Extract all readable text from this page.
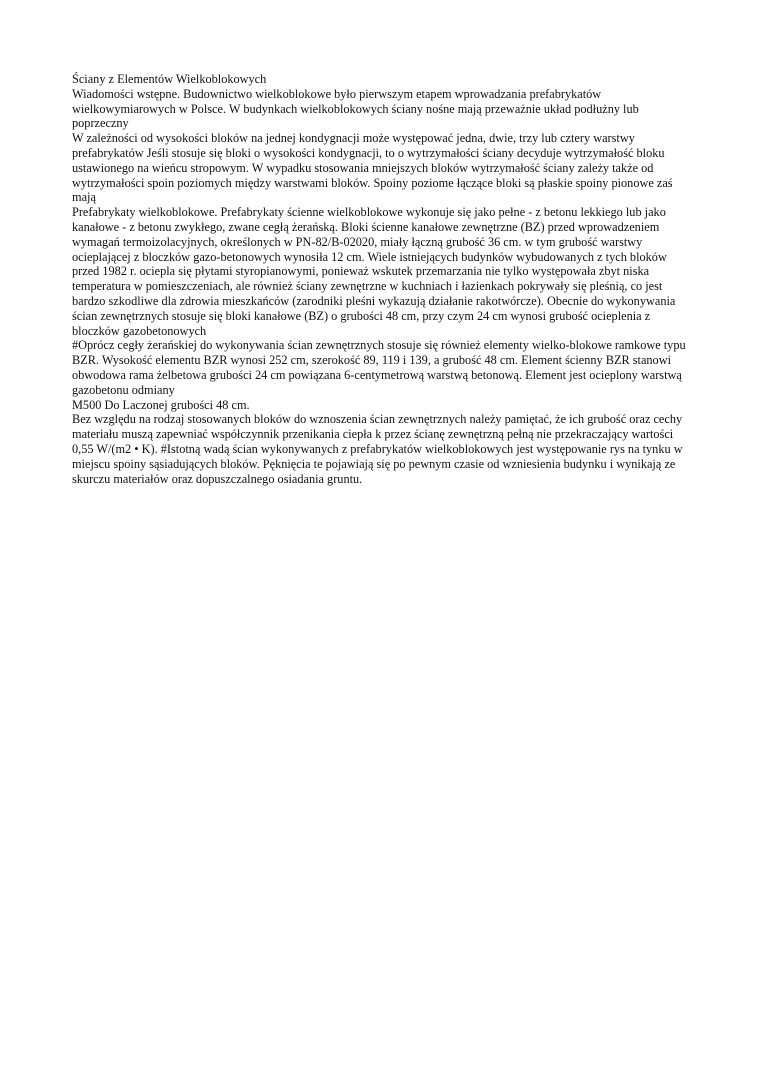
Ściany z Elementów Wielkoblokowych

Wiadomości wstępne. Budownictwo wielkoblokowe było pierwszym etapem wprowadzania prefabrykatów wielkowymiarowych w Polsce. W budynkach wielkoblokowych ściany nośne mają przeważnie układ podłużny lub poprzeczny

W zależności od wysokości bloków na jednej kondygnacji może występować jedna, dwie, trzy lub cztery warstwy prefabrykatów Jeśli stosuje się bloki o wysokości kondygnacji, to o wytrzymałości ściany decyduje wytrzymałość bloku ustawionego na wieńcu stropowym. W wypadku stosowania mniejszych bloków wytrzymałość ściany zależy także od wytrzymałości spoin poziomych między warstwami bloków. Spoiny poziome łączące bloki są płaskie spoiny pionowe zaś mają

Prefabrykaty wielkoblokowe. Prefabrykaty ścienne wielkoblokowe wykonuje się jako pełne - z betonu lekkiego lub jako kanałowe - z betonu zwykłego, zwane cegłą żerańską. Bloki ścienne kanałowe zewnętrzne (BZ) przed wprowadzeniem wymagań termoizolacyjnych, określonych w PN-82/B-02020, miały łączną grubość 36 cm. w tym grubość warstwy ocieplającej z bloczków gazo-betonowych wynosiła 12 cm. Wiele istniejących budynków wybudowanych z tych bloków przed 1982 r. ociepla się płytami styropianowymi, ponieważ wskutek przemarzania nie tylko występowała zbyt niska temperatura w pomieszczeniach, ale również ściany zewnętrzne w kuchniach i łazienkach pokrywały się pleśnią, co jest bardzo szkodliwe dla zdrowia mieszkańców (zarodniki pleśni wykazują działanie rakotwórcze). Obecnie do wykonywania ścian zewnętrznych stosuje się bloki kanałowe (BZ) o grubości 48 cm, przy czym 24 cm wynosi grubość ocieplenia z bloczków gazobetonowych

#Oprócz cegły żerańskiej do wykonywania ścian zewnętrznych stosuje się również elementy wielko-blokowe ramkowe typu BZR. Wysokość elementu BZR wynosi 252 cm, szerokość 89, 119 i 139, a grubość 48 cm. Element ścienny BZR stanowi obwodowa rama żelbetowa grubości 24 cm powiązana 6-centymetrową warstwą betonową. Element jest ocieplony warstwą gazobetonu odmiany

M500 Do Laczonej grubości 48 cm.

Bez względu na rodzaj stosowanych bloków do wznoszenia ścian zewnętrznych należy pamiętać, że ich grubość oraz cechy materiału muszą zapewniać współczynnik przenikania ciepła k przez ścianę zewnętrzną pełną nie przekraczający wartości 0,55 W/(m2 • K). #Istotną wadą ścian wykonywanych z prefabrykatów wielkoblokowych jest występowanie rys na tynku w miejscu spoiny sąsiadujących bloków. Pęknięcia te pojawiają się po pewnym czasie od wzniesienia budynku i wynikają ze skurczu materiałów oraz dopuszczalnego osiadania gruntu.
